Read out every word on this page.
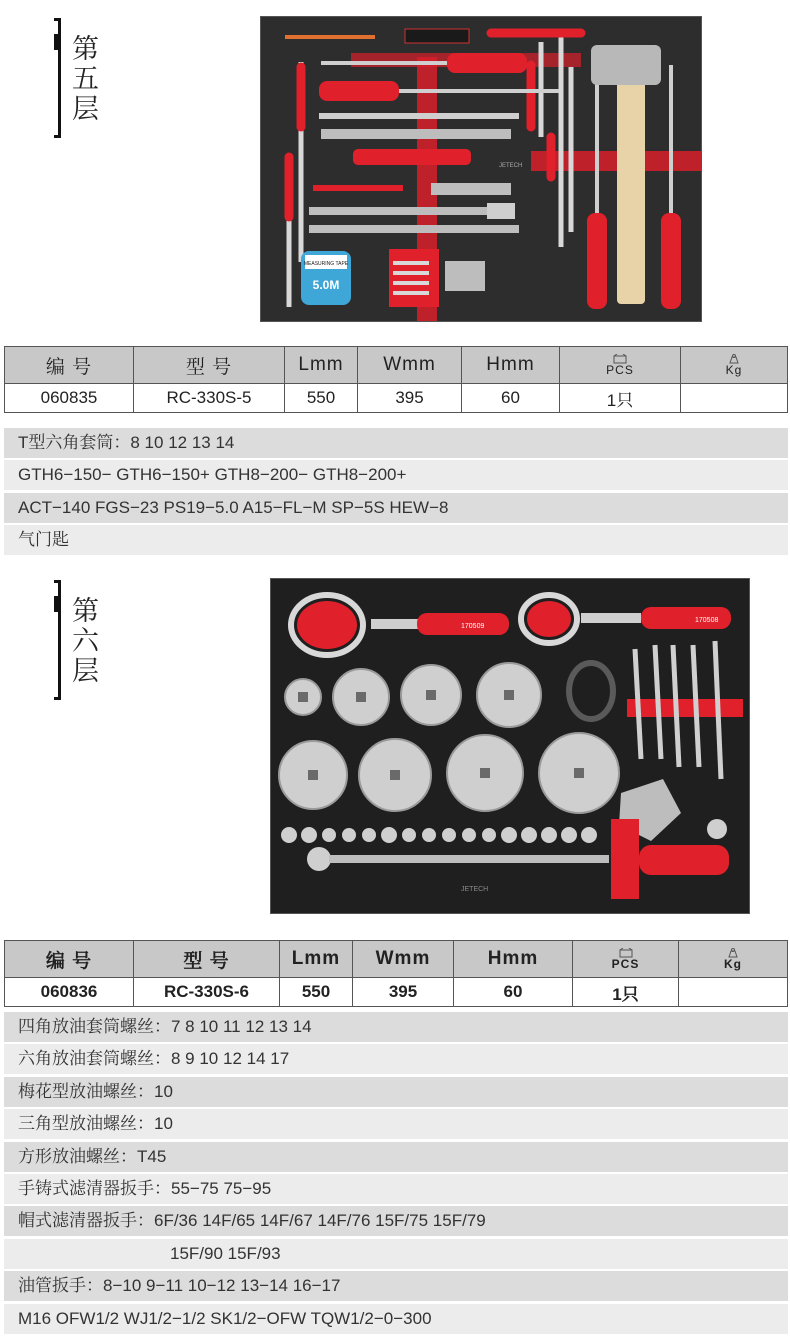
第五层
5.0M
MEASURING TAPE
JETECH
编 号	型 号	Lmm	Wmm	Hmm	PCS	Kg

060835	RC-330S-5	550	395	60	1只	
T型六角套筒：8 10 12 13 14
GTH6−150− GTH6−150+ GTH8−200− GTH8−200+
ACT−140 FGS−23 PS19−5.0 A15−FL−M SP−5S HEW−8
气门匙
第六层
170509
170508
JETECH
编 号	型 号	Lmm	Wmm	Hmm	PCS	Kg

060836	RC-330S-6	550	395	60	1只	
四角放油套筒螺丝：7 8 10 11 12 13 14
六角放油套筒螺丝：8 9 10 12 14 17
梅花型放油螺丝：10
三角型放油螺丝：10
方形放油螺丝：T45
手铸式滤清器扳手：55−75 75−95
帽式滤清器扳手：6F/36 14F/65 14F/67 14F/76 15F/75 15F/79
15F/90 15F/93
油管扳手：8−10 9−11 10−12 13−14 16−17
M16 OFW1/2 WJ1/2−1/2 SK1/2−OFW TQW1/2−0−300
